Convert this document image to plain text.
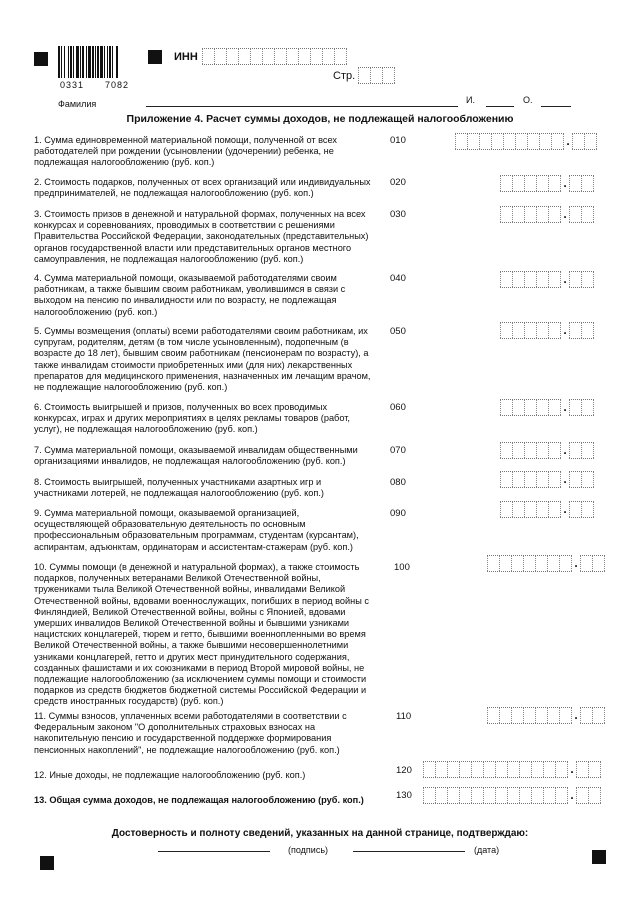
0331 7082
ИНН
Стр.
Фамилия	И.	О.
Приложение 4. Расчет суммы доходов, не подлежащей налогообложению
1. Сумма единовременной материальной помощи, полученной от всех работодателей при рождении (усыновлении (удочерении) ребенка, не подлежащая налогообложению (руб. коп.)
010
2. Стоимость подарков, полученных от всех организаций или индивидуальных предпринимателей, не подлежащая налогообложению (руб. коп.)
020
3. Стоимость призов в денежной и натуральной формах, полученных на всех конкурсах и соревнованиях, проводимых в соответствии с решениями Правительства Российской Федерации, законодательных (представительных) органов государственной власти или представительных органов местного самоуправления, не подлежащая налогообложению (руб. коп.)
030
4. Сумма материальной помощи, оказываемой работодателями своим работникам, а также бывшим своим работникам, уволившимся в связи с выходом на пенсию по инвалидности или по возрасту, не подлежащая налогообложению (руб. коп.)
040
5. Суммы возмещения (оплаты) всеми работодателями своим работникам, их супругам, родителям, детям (в том числе усыновленным), подопечным (в возрасте до 18 лет), бывшим своим работникам (пенсионерам по возрасту), а также инвалидам стоимости приобретенных ими (для них) лекарственных препаратов для медицинского применения, назначенных им лечащим врачом, не подлежащие налогообложению (руб. коп.)
050
6. Стоимость выигрышей и призов, полученных во всех проводимых конкурсах, играх и других мероприятиях в целях рекламы товаров (работ, услуг), не подлежащая налогообложению (руб. коп.)
060
7. Сумма материальной помощи, оказываемой инвалидам общественными организациями инвалидов, не подлежащая налогообложению (руб. коп.)
070
8. Стоимость выигрышей, полученных участниками азартных игр и участниками лотерей, не подлежащая налогообложению (руб. коп.)
080
9. Сумма материальной помощи, оказываемой организацией, осуществляющей образовательную деятельность по основным профессиональным образовательным программам, студентам (курсантам), аспирантам, адъюнктам, ординаторам и ассистентам-стажерам (руб. коп.)
090
10. Суммы помощи (в денежной и натуральной формах), а также стоимость подарков, полученных ветеранами Великой Отечественной войны, тружениками тыла Великой Отечественной войны, инвалидами Великой Отечественной войны, вдовами военнослужащих, погибших в период войны с Финляндией, Великой Отечественной войны, войны с Японией, вдовами умерших инвалидов Великой Отечественной войны и бывшими узниками нацистских концлагерей, тюрем и гетто, бывшими военнопленными во время Великой Отечественной войны, а также бывшими несовершеннолетними узниками концлагерей, гетто и других мест принудительного содержания, созданных фашистами и их союзниками в период Второй мировой войны, не подлежащие налогообложению (за исключением суммы помощи и стоимости подарков из средств бюджетов бюджетной системы Российской Федерации и средств иностранных государств) (руб. коп.)
100
11. Суммы взносов, уплаченных всеми работодателями в соответствии с Федеральным законом "О дополнительных страховых взносах на накопительную пенсию и государственной поддержке формирования пенсионных накоплений", не подлежащие налогообложению (руб. коп.)
110
12. Иные доходы, не подлежащие налогообложению (руб. коп.)	120
13. Общая сумма доходов, не подлежащая налогообложению (руб. коп.)	130
.
.
.
.
.
.
.
.
.
.
.
.
.
Достоверность и полноту сведений, указанных на данной странице, подтверждаю:
(подпись)	(дата)
